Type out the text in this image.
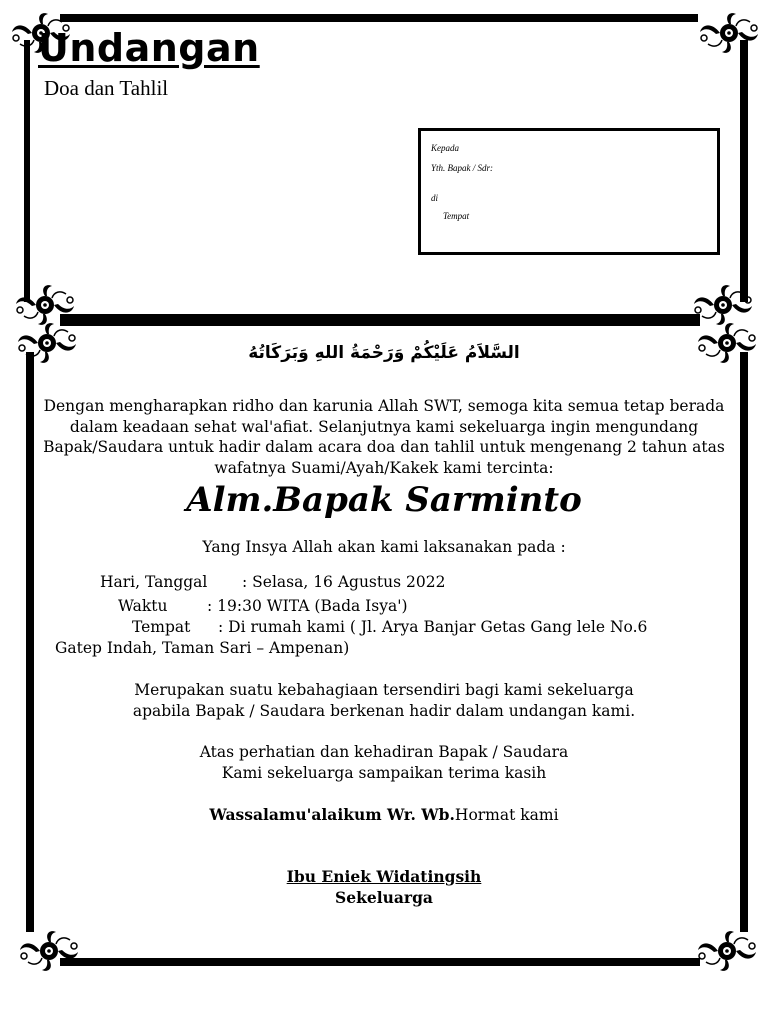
Undangan
Doa dan Tahlil
Kepada
Yth. Bapak / Sdr:
di
Tempat
السَّلاَمُ عَلَيْكُمْ وَرَحْمَةُ اللهِ وَبَرَكَاتُهُ
Dengan mengharapkan ridho dan karunia Allah SWT, semoga kita semua tetap berada
dalam keadaan sehat wal'afiat. Selanjutnya kami sekeluarga ingin mengundang
Bapak/Saudara untuk hadir dalam acara doa dan tahlil untuk mengenang 2 tahun atas
wafatnya Suami/Ayah/Kakek kami tercinta:
Alm.Bapak Sarminto
Yang Insya Allah akan kami laksanakan pada :
Hari, Tanggal : Selasa, 16 Agustus 2022
Waktu	: 19:30 WITA (Bada Isya')
Tempat : Di rumah kami ( Jl. Arya Banjar Getas Gang lele No.6
Gatep Indah, Taman Sari – Ampenan)
Merupakan suatu kebahagiaan tersendiri bagi kami sekeluarga
apabila Bapak / Saudara berkenan hadir dalam undangan kami.
Atas perhatian dan kehadiran Bapak / Saudara
Kami sekeluarga sampaikan terima kasih
Wassalamu'alaikum Wr. Wb.Hormat kami
Ibu Eniek Widatingsih
Sekeluarga
